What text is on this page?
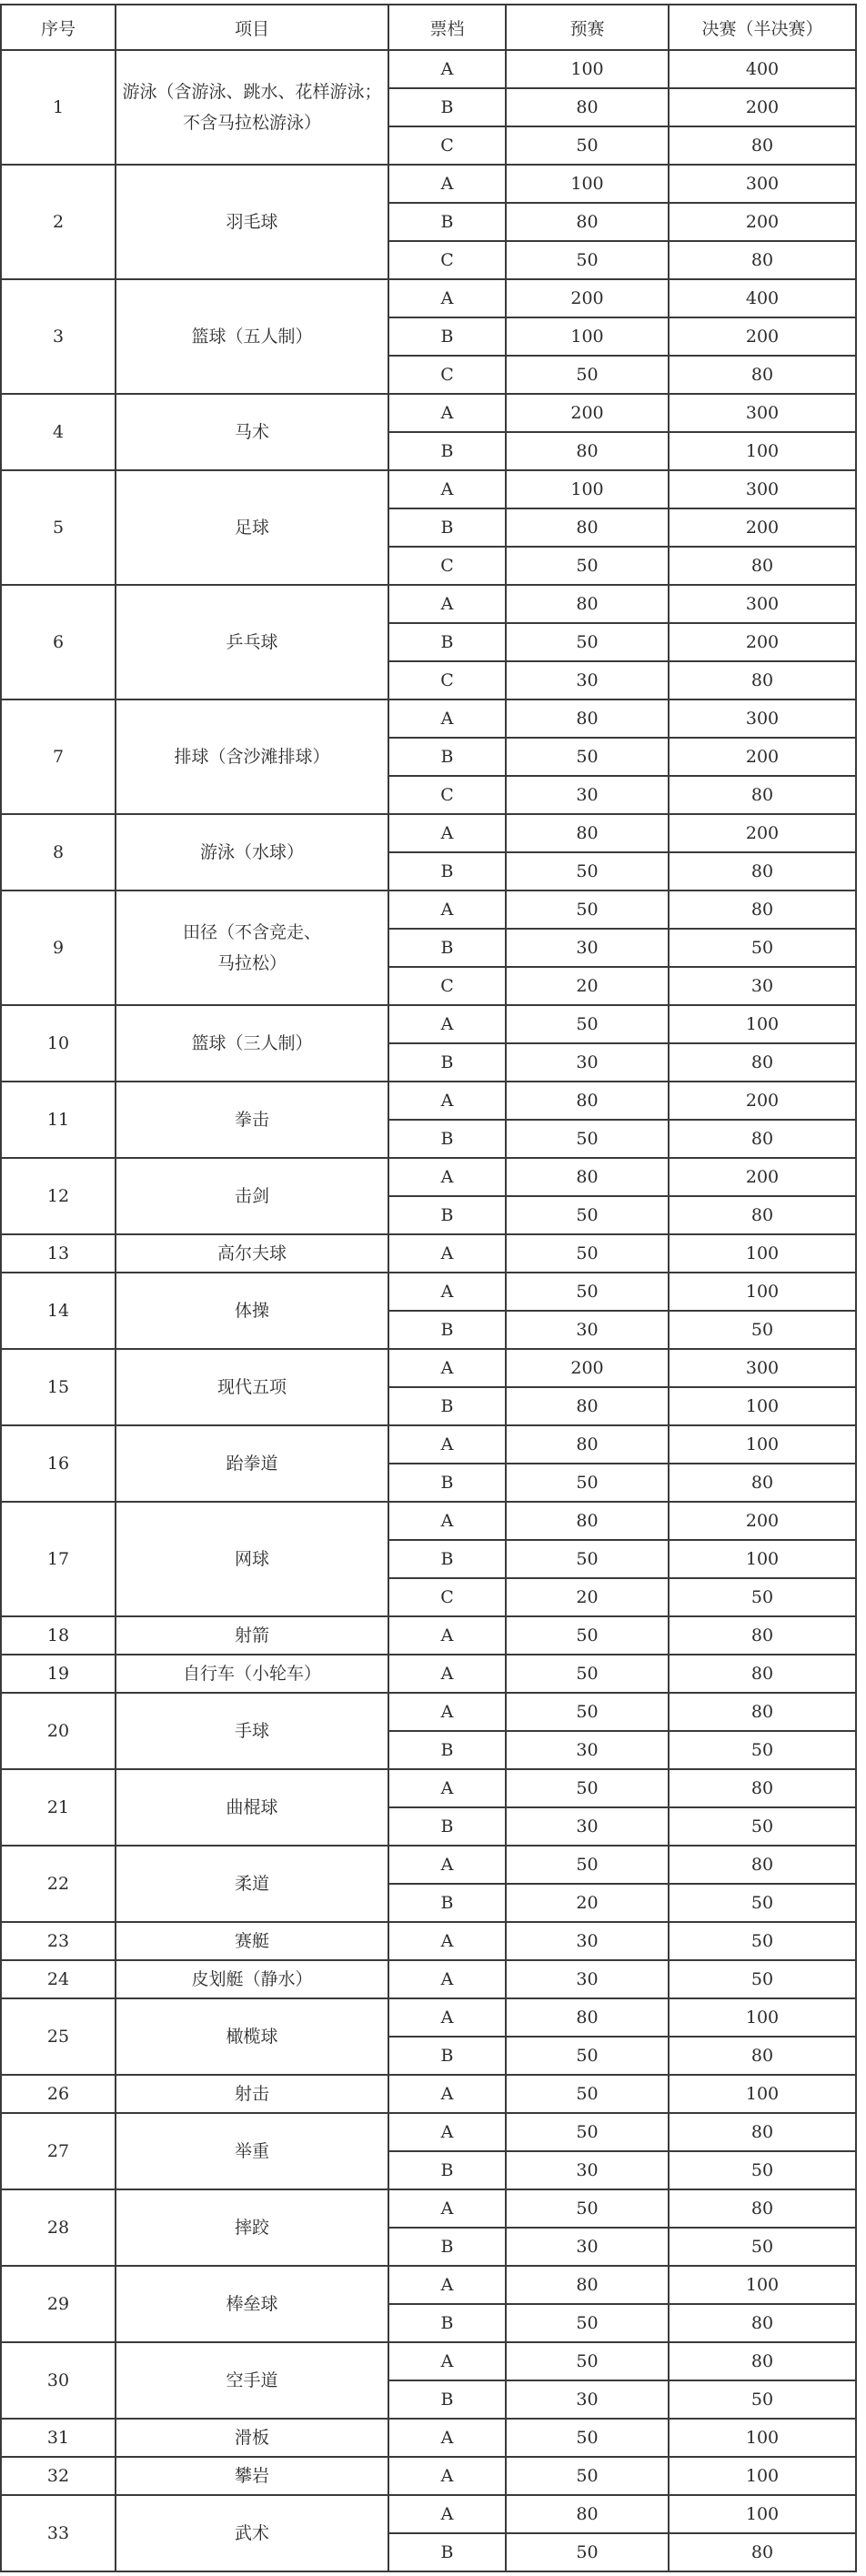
序号	项目	票档	预赛	决赛（半决赛）
1	游泳（含游泳、跳水、花样游泳；
不含马拉松游泳）	A	100	400
		B	80	200
		C	50	80
2	羽毛球	A	100	300
		B	80	200
		C	50	80
3	篮球（五人制）	A	200	400
		B	100	200
		C	50	80
4	马术	A	200	300
		B	80	100
5	足球	A	100	300
		B	80	200
		C	50	80
6	乒乓球	A	80	300
		B	50	200
		C	30	80
7	排球（含沙滩排球）	A	80	300
		B	50	200
		C	30	80
8	游泳（水球）	A	80	200
		B	50	80
9	田径（不含竞走、
马拉松）	A	50	80
		B	30	50
		C	20	30
10	篮球（三人制）	A	50	100
		B	30	80
11	拳击	A	80	200
		B	50	80
12	击剑	A	80	200
		B	50	80
13	高尔夫球	A	50	100
14	体操	A	50	100
		B	30	50
15	现代五项	A	200	300
		B	80	100
16	跆拳道	A	80	100
		B	50	80
17	网球	A	80	200
		B	50	100
		C	20	50
18	射箭	A	50	80
19	自行车（小轮车）	A	50	80
20	手球	A	50	80
		B	30	50
21	曲棍球	A	50	80
		B	30	50
22	柔道	A	50	80
		B	20	50
23	赛艇	A	30	50
24	皮划艇（静水）	A	30	50
25	橄榄球	A	80	100
		B	50	80
26	射击	A	50	100
27	举重	A	50	80
		B	30	50
28	摔跤	A	50	80
		B	30	50
29	棒垒球	A	80	100
		B	50	80
30	空手道	A	50	80
		B	30	50
31	滑板	A	50	100
32	攀岩	A	50	100
33	武术	A	80	100
		B	50	80
